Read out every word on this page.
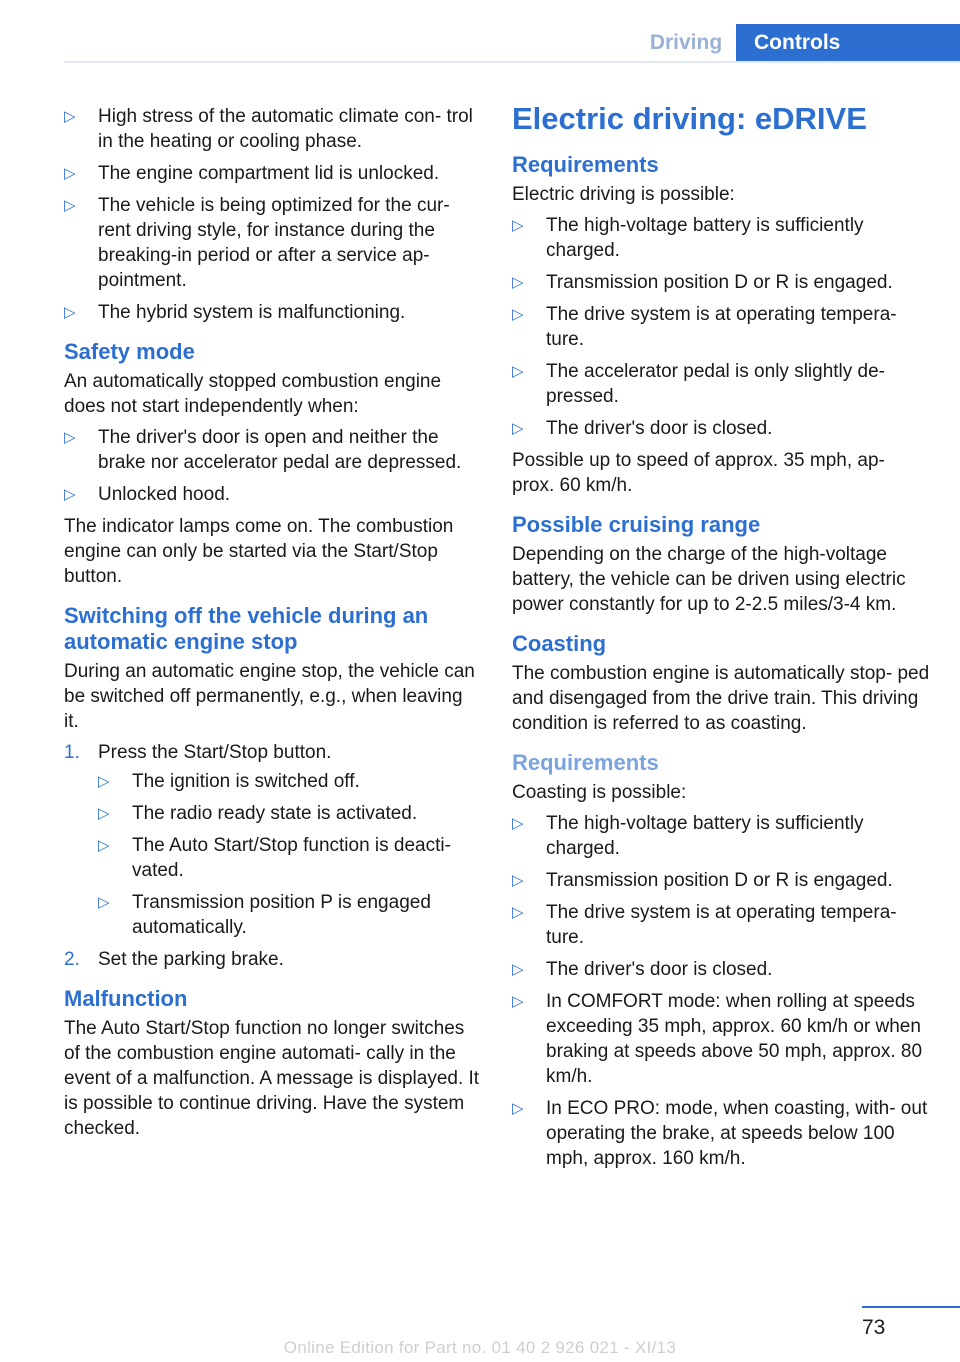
Driving	Controls
▷ High stress of the automatic climate con‐ trol in the heating or cooling phase.
▷ The engine compartment lid is unlocked.
▷ The vehicle is being optimized for the cur‐ rent driving style, for instance during the breaking-in period or after a service ap‐ pointment.
▷ The hybrid system is malfunctioning.
Safety mode

An automatically stopped combustion engine does not start independently when:

▷ The driver's door is open and neither the brake nor accelerator pedal are depressed.
▷ Unlocked hood.

The indicator lamps come on. The combustion engine can only be started via the Start/Stop button.

Switching off the vehicle during an automatic engine stop

During an automatic engine stop, the vehicle can be switched off permanently, e.g., when leaving it.

1. Press the Start/Stop button.
▷ The ignition is switched off.
▷ The radio ready state is activated.
▷ The Auto Start/Stop function is deacti‐ vated.
▷ Transmission position P is engaged automatically.
2. Set the parking brake.
Malfunction

The Auto Start/Stop function no longer switches of the combustion engine automati‐ cally in the event of a malfunction. A message is displayed. It is possible to continue driving. Have the system checked.

Electric driving: eDRIVE
Requirements

Electric driving is possible:

▷ The high-voltage battery is sufficiently charged.
▷ Transmission position D or R is engaged.
▷ The drive system is at operating tempera‐ ture.
▷ The accelerator pedal is only slightly de‐ pressed.
▷ The driver's door is closed.

Possible up to speed of approx. 35 mph, ap‐ prox. 60 km/h.

Possible cruising range

Depending on the charge of the high-voltage battery, the vehicle can be driven using electric power constantly for up to 2-2.5 miles/3-4 km.

Coasting

The combustion engine is automatically stop‐ ped and disengaged from the drive train. This driving condition is referred to as coasting.

Requirements

Coasting is possible:

▷ The high-voltage battery is sufficiently charged.
▷ Transmission position D or R is engaged.
▷ The drive system is at operating tempera‐ ture.
▷ The driver's door is closed.
▷ In COMFORT mode: when rolling at speeds exceeding 35 mph, approx. 60 km/h or when braking at speeds above 50 mph, approx. 80 km/h.
▷ In ECO PRO: mode, when coasting, with‐ out operating the brake, at speeds below 100 mph, approx. 160 km/h.
73
Online Edition for Part no. 01 40 2 926 021 - XI/13
